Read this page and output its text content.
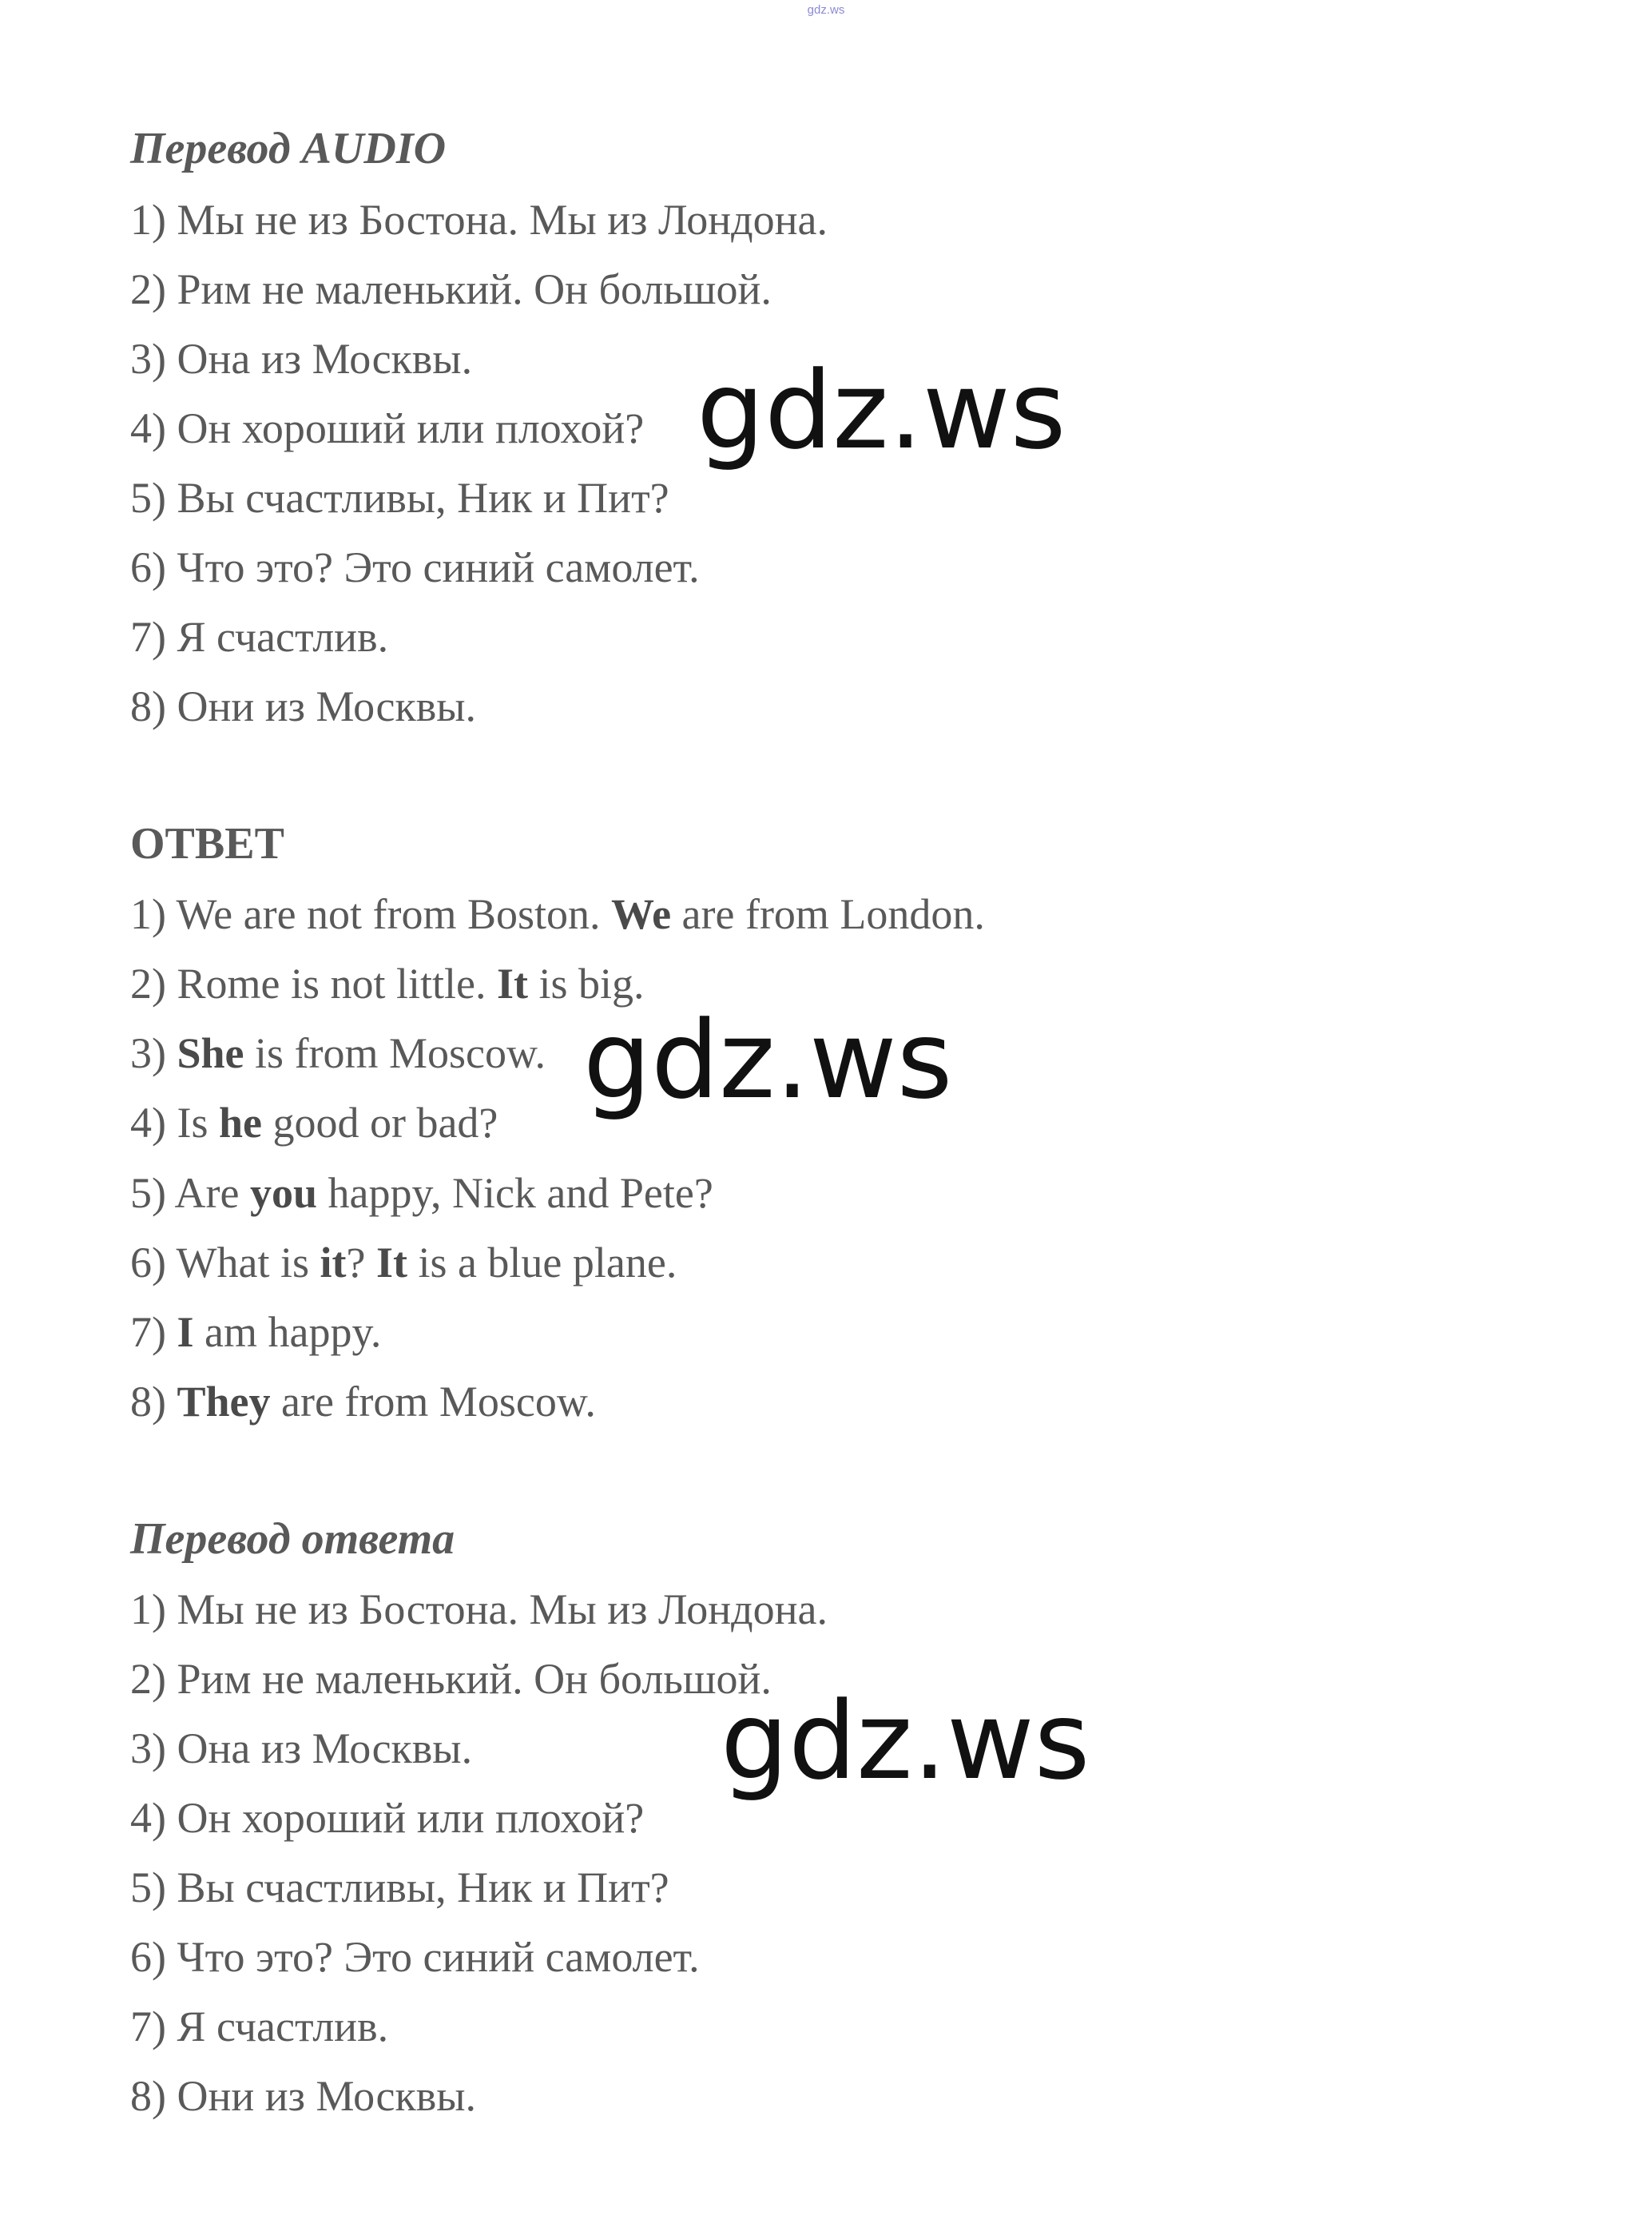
gdz.ws
Перевод AUDIO
1) Мы не из Бостона. Мы из Лондона.
2) Рим не маленький. Он большой.
3) Она из Москвы.
4) Он хороший или плохой?
5) Вы счастливы, Ник и Пит?
6) Что это? Это синий самолет.
7) Я счастлив.
8) Они из Москвы.
ОТВЕТ
1) We are not from Boston. We are from London.
2) Rome is not little. It is big.
3) She is from Moscow.
4) Is he good or bad?
5) Are you happy, Nick and Pete?
6) What is it? It is a blue plane.
7) I am happy.
8) They are from Moscow.
Перевод ответа
1) Мы не из Бостона. Мы из Лондона.
2) Рим не маленький. Он большой.
3) Она из Москвы.
4) Он хороший или плохой?
5) Вы счастливы, Ник и Пит?
6) Что это? Это синий самолет.
7) Я счастлив.
8) Они из Москвы.
gdz.ws
gdz.ws
gdz.ws
